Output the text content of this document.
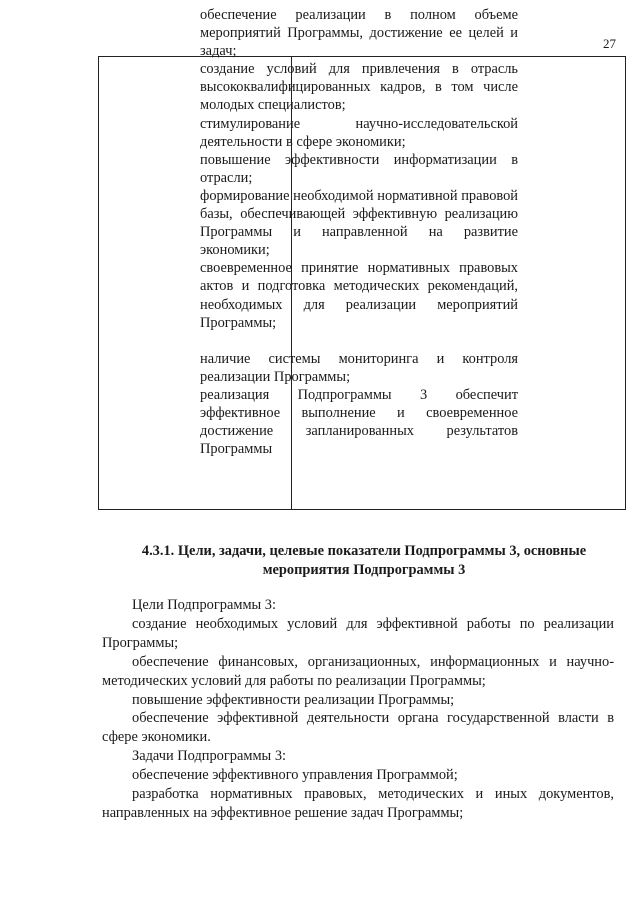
27

обеспечение реализации в полном объеме мероприятий Программы, достижение ее целей и задач;

создание условий для привлечения в отрасль высококвалифицированных кадров, в том числе молодых специалистов;

стимулирование научно-исследовательской деятельности в сфере экономики;

повышение эффективности информатизации в отрасли;

формирование необходимой нормативной правовой базы, обеспечивающей эффективную реализацию Программы и направленной на развитие экономики;

своевременное принятие нормативных правовых актов и подготовка методических рекомендаций, необходимых для реализации мероприятий Программы;

наличие системы мониторинга и контроля реализации Программы;

реализация Подпрограммы 3 обеспечит эффективное выполнение и своевременное достижение запланированных результатов Программы

4.3.1. Цели, задачи, целевые показатели Подпрограммы 3, основные мероприятия Подпрограммы 3

Цели Подпрограммы 3:

создание необходимых условий для эффективной работы по реализации Программы;

обеспечение финансовых, организационных, информационных и научно-методических условий для работы по реализации Программы;

повышение эффективности реализации Программы;

обеспечение эффективной деятельности органа государственной власти в сфере экономики.

Задачи Подпрограммы 3:

обеспечение эффективного управления Программой;

разработка нормативных правовых, методических и иных документов, направленных на эффективное решение задач Программы;
